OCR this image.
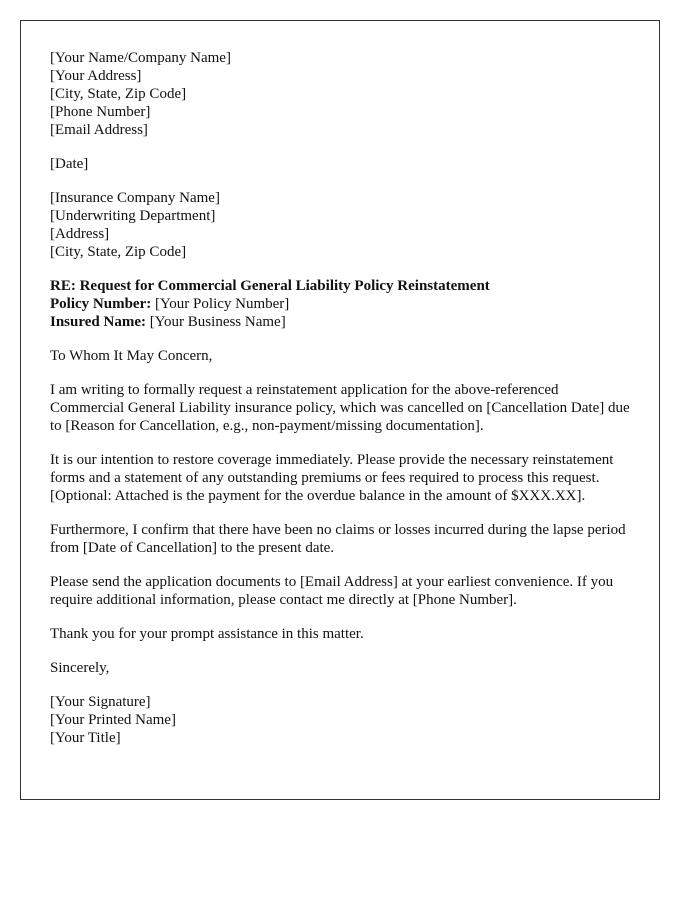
[Your Name/Company Name]
[Your Address]
[City, State, Zip Code]
[Phone Number]
[Email Address]
[Date]
[Insurance Company Name]
[Underwriting Department]
[Address]
[City, State, Zip Code]
RE: Request for Commercial General Liability Policy Reinstatement
Policy Number: [Your Policy Number]
Insured Name: [Your Business Name]

To Whom It May Concern,

I am writing to formally request a reinstatement application for the above-referenced Commercial General Liability insurance policy, which was cancelled on [Cancellation Date] due to [Reason for Cancellation, e.g., non-payment/missing documentation].

It is our intention to restore coverage immediately. Please provide the necessary reinstatement forms and a statement of any outstanding premiums or fees required to process this request. [Optional: Attached is the payment for the overdue balance in the amount of $XXX.XX].

Furthermore, I confirm that there have been no claims or losses incurred during the lapse period from [Date of Cancellation] to the present date.

Please send the application documents to [Email Address] at your earliest convenience. If you require additional information, please contact me directly at [Phone Number].

Thank you for your prompt assistance in this matter.

Sincerely,

[Your Signature]
[Your Printed Name]
[Your Title]
